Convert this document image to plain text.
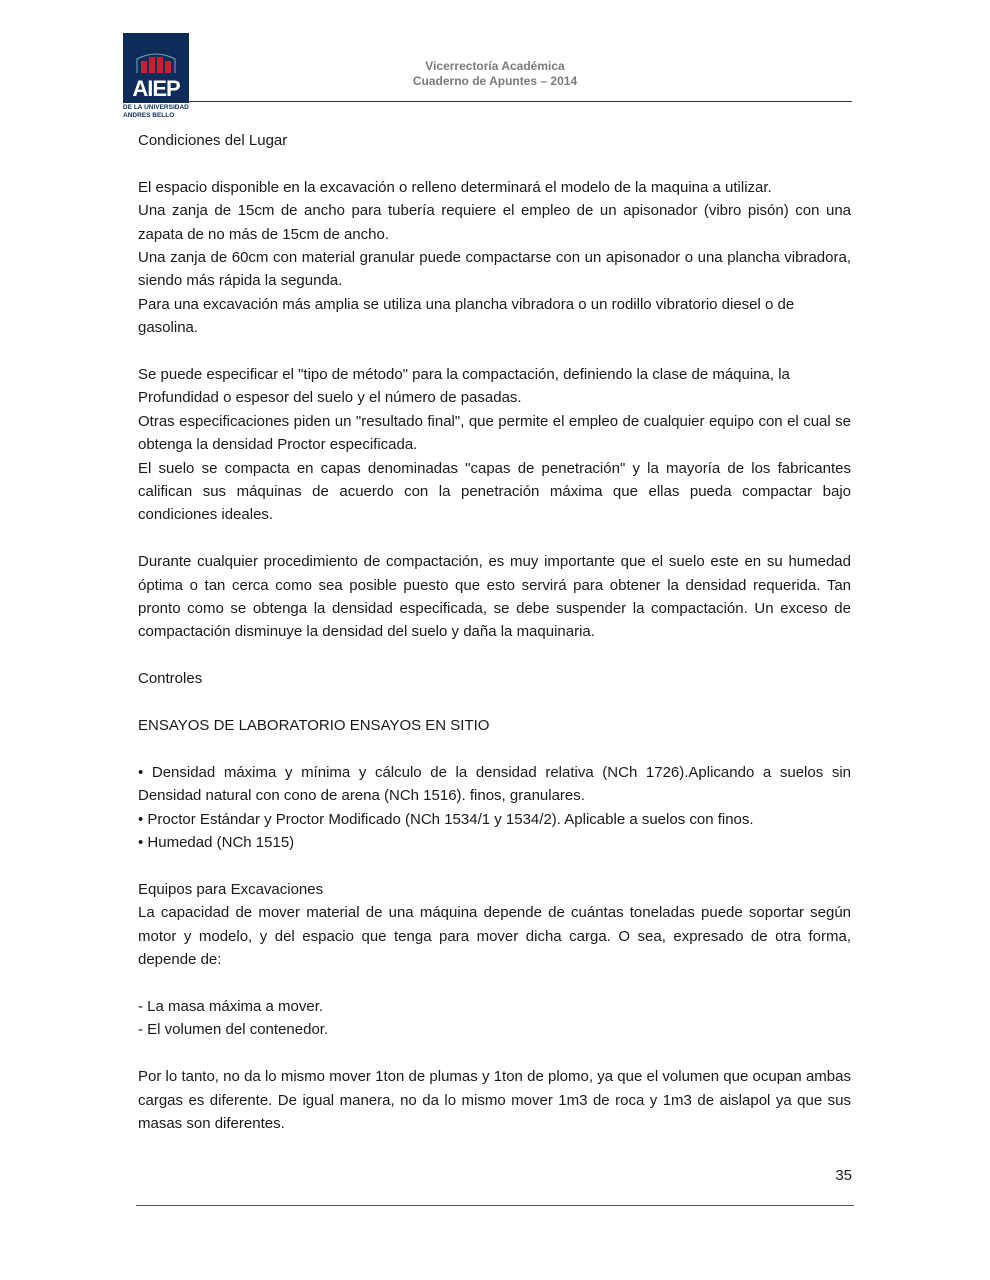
AIEP
DE LA UNIVERSIDAD
ANDRES BELLO
Vicerrectoría Académica
Cuaderno de Apuntes – 2014

Condiciones del Lugar

El espacio disponible en la excavación o relleno determinará el modelo de la maquina a utilizar.

Una zanja de 15cm de ancho para tubería requiere el empleo de un apisonador (vibro pisón) con una zapata de no más de 15cm de ancho.

Una zanja de 60cm con material granular puede compactarse con un apisonador o una plancha vibradora, siendo más rápida la segunda.

Para una excavación más amplia se utiliza una plancha vibradora o un rodillo vibratorio diesel o de gasolina.

Se puede especificar el "tipo de método" para la compactación, definiendo la clase de máquina, la

Profundidad o espesor del suelo y el número de pasadas.

Otras especificaciones piden un "resultado final", que permite el empleo de cualquier equipo con el cual se obtenga la densidad Proctor especificada.

El suelo se compacta en capas denominadas "capas de penetración" y la mayoría de los fabricantes califican sus máquinas de acuerdo con la penetración máxima que ellas pueda compactar bajo condiciones ideales.

Durante cualquier procedimiento de compactación, es muy importante que el suelo este en su humedad óptima o tan cerca como sea posible puesto que esto servirá para obtener la densidad requerida. Tan pronto como se obtenga la densidad especificada, se debe suspender la compactación. Un exceso de compactación disminuye la densidad del suelo y daña la maquinaria.

Controles

ENSAYOS DE LABORATORIO ENSAYOS EN SITIO

• Densidad máxima y mínima y cálculo de la densidad relativa (NCh 1726).Aplicando a suelos sin Densidad natural con cono de arena (NCh 1516). finos, granulares.

• Proctor Estándar y Proctor Modificado (NCh 1534/1 y 1534/2). Aplicable a suelos con finos.

• Humedad (NCh 1515)

Equipos para Excavaciones

La capacidad de mover material de una máquina depende de cuántas toneladas puede soportar según motor y modelo, y del espacio que tenga para mover dicha carga. O sea, expresado de otra forma, depende de:

- La masa máxima a mover.

- El volumen del contenedor.

Por lo tanto, no da lo mismo mover 1ton de plumas y 1ton de plomo, ya que el volumen que ocupan ambas cargas es diferente. De igual manera, no da lo mismo mover 1m3 de roca y 1m3 de aislapol ya que sus masas son diferentes.

35
